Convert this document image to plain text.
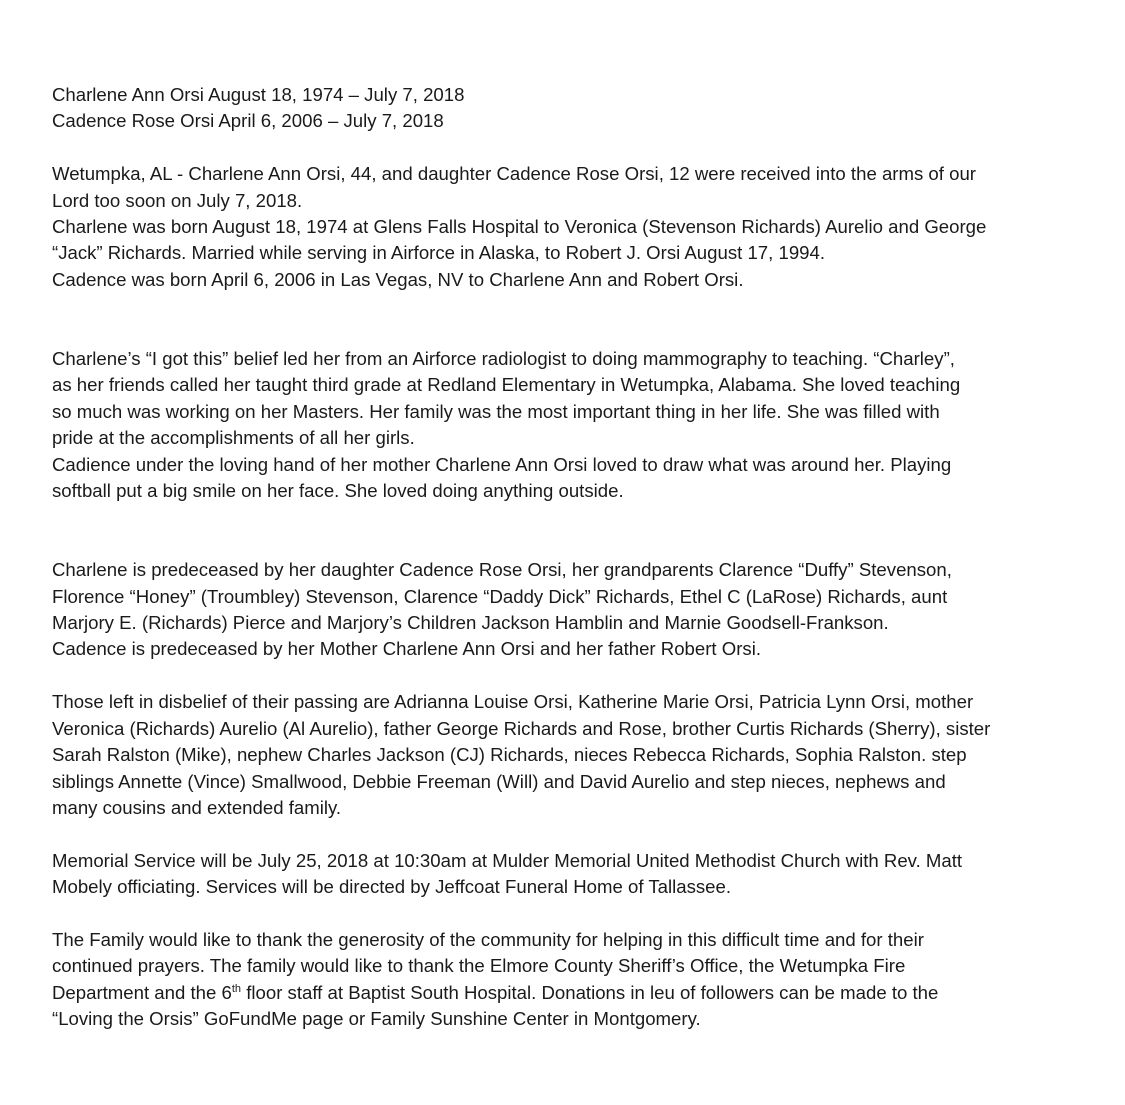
Charlene Ann Orsi August 18, 1974 – July 7, 2018
Cadence Rose Orsi April 6, 2006 – July 7, 2018
Wetumpka, AL - Charlene Ann Orsi, 44, and daughter Cadence Rose Orsi, 12 were received into the arms of our
Lord too soon on July 7, 2018.
Charlene was born August 18, 1974 at Glens Falls Hospital to Veronica (Stevenson Richards) Aurelio and George
“Jack” Richards. Married while serving in Airforce in Alaska, to Robert J. Orsi August 17, 1994.
Cadence was born April 6, 2006 in Las Vegas, NV to Charlene Ann and Robert Orsi.
Charlene’s “I got this” belief led her from an Airforce radiologist to doing mammography to teaching. “Charley”,
as her friends called her taught third grade at Redland Elementary in Wetumpka, Alabama. She loved teaching
so much was working on her Masters. Her family was the most important thing in her life. She was filled with
pride at the accomplishments of all her girls.
Cadience under the loving hand of her mother Charlene Ann Orsi loved to draw what was around her. Playing
softball put a big smile on her face. She loved doing anything outside.
Charlene is predeceased by her daughter Cadence Rose Orsi, her grandparents Clarence “Duffy” Stevenson,
Florence “Honey” (Troumbley) Stevenson, Clarence “Daddy Dick” Richards, Ethel C (LaRose) Richards, aunt
Marjory E. (Richards) Pierce and Marjory’s Children Jackson Hamblin and Marnie Goodsell-Frankson.
Cadence is predeceased by her Mother Charlene Ann Orsi and her father Robert Orsi.
Those left in disbelief of their passing are Adrianna Louise Orsi, Katherine Marie Orsi, Patricia Lynn Orsi, mother
Veronica (Richards) Aurelio (Al Aurelio), father George Richards and Rose, brother Curtis Richards (Sherry), sister
Sarah Ralston (Mike), nephew Charles Jackson (CJ) Richards, nieces Rebecca Richards, Sophia Ralston. step
siblings Annette (Vince) Smallwood, Debbie Freeman (Will) and David Aurelio and step nieces, nephews and
many cousins and extended family.
Memorial Service will be July 25, 2018 at 10:30am at Mulder Memorial United Methodist Church with Rev. Matt
Mobely officiating. Services will be directed by Jeffcoat Funeral Home of Tallassee.
The Family would like to thank the generosity of the community for helping in this difficult time and for their
continued prayers. The family would like to thank the Elmore County Sheriff’s Office, the Wetumpka Fire
Department and the 6th floor staff at Baptist South Hospital. Donations in leu of followers can be made to the
“Loving the Orsis” GoFundMe page or Family Sunshine Center in Montgomery.
